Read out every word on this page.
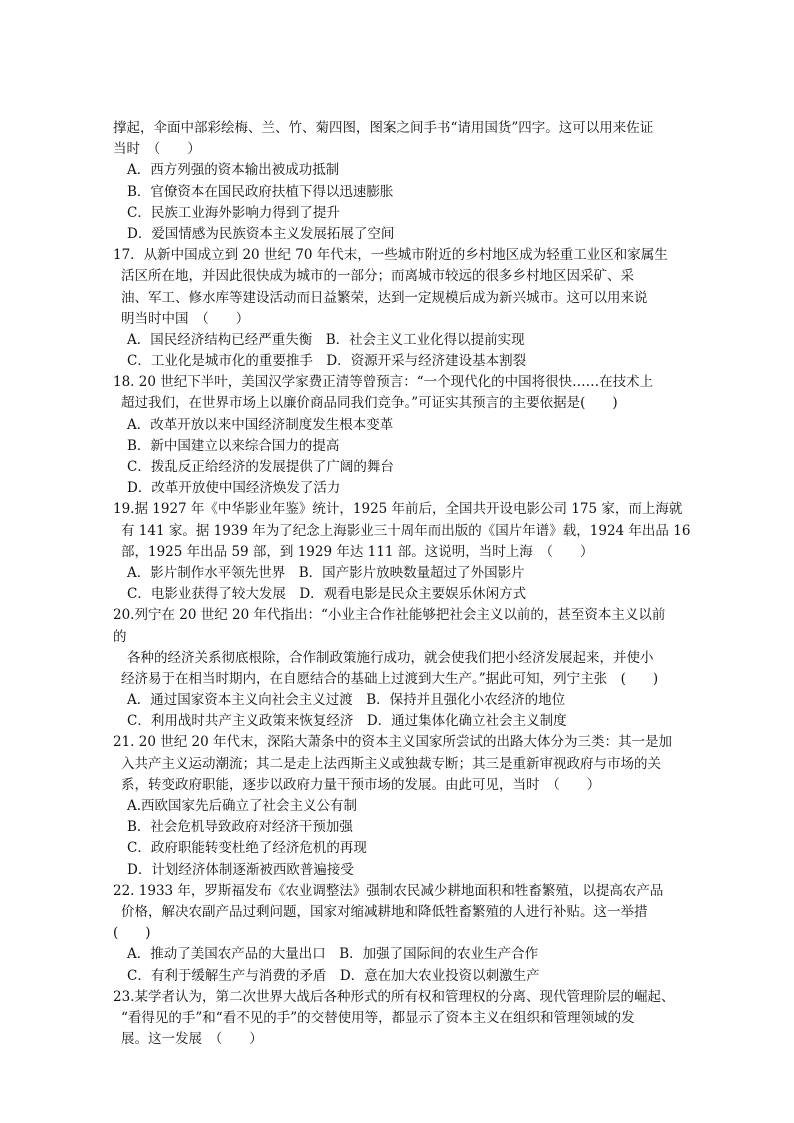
撑起，伞面中部彩绘梅、兰、竹、菊四图，图案之间手书“请用国货”四字。这可以用来佐证
当时　（　　）
A．西方列强的资本输出被成功抵制
B．官僚资本在国民政府扶植下得以迅速膨胀
C．民族工业海外影响力得到了提升
D．爱国情感为民族资本主义发展拓展了空间
17．从新中国成立到 20 世纪 70 年代末，一些城市附近的乡村地区成为轻重工业区和家属生
活区所在地，并因此很快成为城市的一部分；而离城市较远的很多乡村地区因采矿、采
油、军工、修水库等建设活动而日益繁荣，达到一定规模后成为新兴城市。这可以用来说
明当时中国　（　　）
A．国民经济结构已经严重失衡　B．社会主义工业化得以提前实现
C．工业化是城市化的重要推手　D．资源开采与经济建设基本割裂
18. 20 世纪下半叶，美国汉学家费正清等曾预言：“一个现代化的中国将很快……在技术上
超过我们，在世界市场上以廉价商品同我们竞争。”可证实其预言的主要依据是(　　)
A．改革开放以来中国经济制度发生根本变革
B．新中国建立以来综合国力的提高
C．拨乱反正给经济的发展提供了广阔的舞台
D．改革开放使中国经济焕发了活力
19.据 1927 年《中华影业年鉴》统计，1925 年前后，全国共开设电影公司 175 家，而上海就
有 141 家。据 1939 年为了纪念上海影业三十周年而出版的《国片年谱》载，1924 年出品 16
部，1925 年出品 59 部，到 1929 年达 111 部。这说明，当时上海　（　　）
A．影片制作水平领先世界　B．国产影片放映数量超过了外国影片
C．电影业获得了较大发展　D．观看电影是民众主要娱乐休闲方式
20.列宁在 20 世纪 20 年代指出：“小业主合作社能够把社会主义以前的，甚至资本主义以前
的
各种的经济关系彻底根除，合作制政策施行成功，就会使我们把小经济发展起来，并使小
经济易于在相当时期内，在自愿结合的基础上过渡到大生产。”据此可知，列宁主张　(　　)
A．通过国家资本主义向社会主义过渡　B．保持并且强化小农经济的地位
C．利用战时共产主义政策来恢复经济　D．通过集体化确立社会主义制度
21. 20 世纪 20 年代末，深陷大萧条中的资本主义国家所尝试的出路大体分为三类：其一是加
入共产主义运动潮流；其二是走上法西斯主义或独裁专断；其三是重新审视政府与市场的关
系，转变政府职能，逐步以政府力量干预市场的发展。由此可见，当时　（　　）
A.西欧国家先后确立了社会主义公有制
B．社会危机导致政府对经济干预加强
C．政府职能转变杜绝了经济危机的再现
D．计划经济体制逐渐被西欧普遍接受
22. 1933 年，罗斯福发布《农业调整法》强制农民减少耕地面积和牲畜繁殖，以提高农产品
价格，解决农副产品过剩问题，国家对缩减耕地和降低牲畜繁殖的人进行补贴。这一举措
(　　)
A．推动了美国农产品的大量出口　B．加强了国际间的农业生产合作
C．有利于缓解生产与消费的矛盾　D．意在加大农业投资以刺激生产
23.某学者认为，第二次世界大战后各种形式的所有权和管理权的分离、现代管理阶层的崛起、
“看得见的手”和“看不见的手”的交替使用等，都显示了资本主义在组织和管理领域的发
展。这一发展　（　　）
